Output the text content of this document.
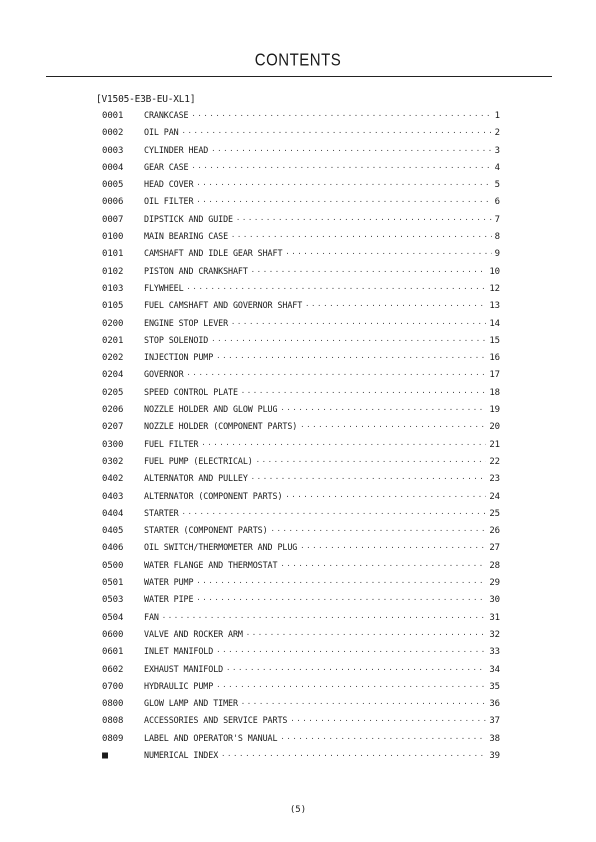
CONTENTS
[V1505-E3B-EU-XL1]
0001	CRANKCASE ·····	1
0002	OIL PAN ·····	2
0003	CYLINDER HEAD ·····	3
0004	GEAR CASE ·····	4
0005	HEAD COVER ·····	5
0006	OIL FILTER ·····	6
0007	DIPSTICK AND GUIDE ·····	7
0100	MAIN BEARING CASE ·····	8
0101	CAMSHAFT AND IDLE GEAR SHAFT ·····	9
0102	PISTON AND CRANKSHAFT ·····	10
0103	FLYWHEEL ·····	12
0105	FUEL CAMSHAFT AND GOVERNOR SHAFT ·····	13
0200	ENGINE STOP LEVER ·····	14
0201	STOP SOLENOID ·····	15
0202	INJECTION PUMP ·····	16
0204	GOVERNOR ·····	17
0205	SPEED CONTROL PLATE ·····	18
0206	NOZZLE HOLDER AND GLOW PLUG ·····	19
0207	NOZZLE HOLDER (COMPONENT PARTS) ·····	20
0300	FUEL FILTER ·····	21
0302	FUEL PUMP (ELECTRICAL) ·····	22
0402	ALTERNATOR AND PULLEY ·····	23
0403	ALTERNATOR (COMPONENT PARTS) ·····	24
0404	STARTER ·····	25
0405	STARTER (COMPONENT PARTS) ·····	26
0406	OIL SWITCH/THERMOMETER AND PLUG ·····	27
0500	WATER FLANGE AND THERMOSTAT ·····	28
0501	WATER PUMP ·····	29
0503	WATER PIPE ·····	30
0504	FAN ·····	31
0600	VALVE AND ROCKER ARM ·····	32
0601	INLET MANIFOLD ·····	33
0602	EXHAUST MANIFOLD ·····	34
0700	HYDRAULIC PUMP ·····	35
0800	GLOW LAMP AND TIMER ·····	36
0808	ACCESSORIES AND SERVICE PARTS ·····	37
0809	LABEL AND OPERATOR'S MANUAL ·····	38
■	NUMERICAL INDEX ·····	39
(5)
